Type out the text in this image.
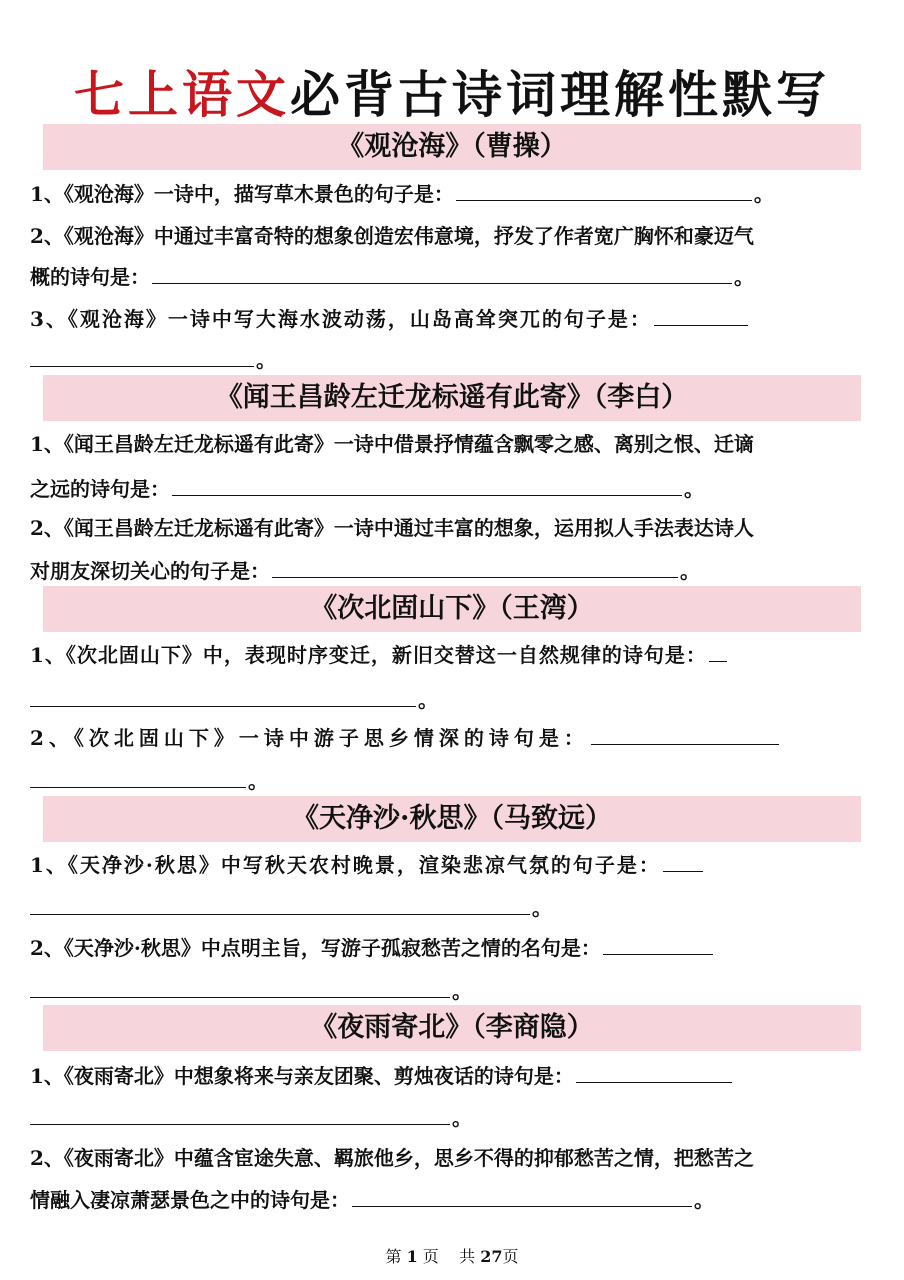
七上语文必背古诗词理解性默写
《观沧海》（曹操）
1、《观沧海》一诗中，描写草木景色的句子是：	。
2、《观沧海》中通过丰富奇特的想象创造宏伟意境，抒发了作者宽广胸怀和豪迈气
概的诗句是：	。
3、《观沧海》一诗中写大海水波动荡，山岛高耸突兀的句子是：
。
《闻王昌龄左迁龙标遥有此寄》（李白）
1、《闻王昌龄左迁龙标遥有此寄》一诗中借景抒情蕴含飘零之感、离别之恨、迁谪
之远的诗句是：	。
2、《闻王昌龄左迁龙标遥有此寄》一诗中通过丰富的想象，运用拟人手法表达诗人
对朋友深切关心的句子是：	。
《次北固山下》（王湾）
1、《次北固山下》中，表现时序变迁，新旧交替这一自然规律的诗句是：
。
2、《次北固山下》一诗中游子思乡情深的诗句是：
。
《天净沙·秋思》（马致远）
1、《天净沙·秋思》中写秋天农村晚景，渲染悲凉气氛的句子是：
。
2、《天净沙·秋思》中点明主旨，写游子孤寂愁苦之情的名句是：
。
《夜雨寄北》（李商隐）
1、《夜雨寄北》中想象将来与亲友团聚、剪烛夜话的诗句是：
。
2、《夜雨寄北》中蕴含宦途失意、羁旅他乡，思乡不得的抑郁愁苦之情，把愁苦之
情融入凄凉萧瑟景色之中的诗句是：	。
第 1 页 共 27页
